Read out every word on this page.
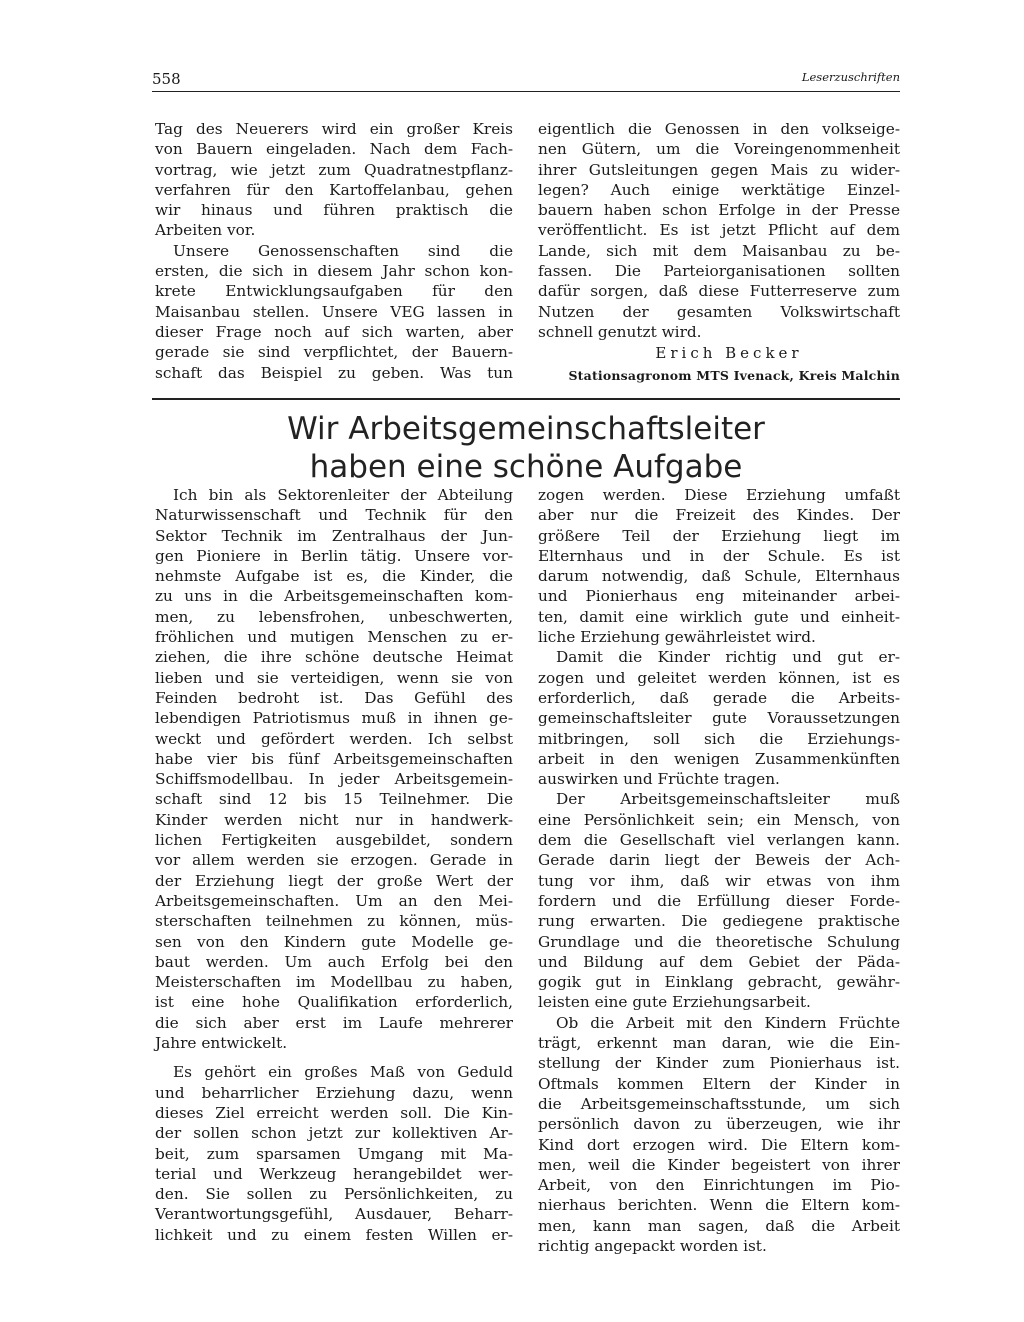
558	Leserzuschriften
Tag des Neuerers wird ein großer Kreis
von Bauern eingeladen. Nach dem Fach-
vortrag, wie jetzt zum Quadratnestpflanz-
verfahren für den Kartoffelanbau, gehen
wir hinaus und führen praktisch die
Arbeiten vor.
Unsere Genossenschaften sind die
ersten, die sich in diesem Jahr schon kon-
krete Entwicklungsaufgaben für den
Maisanbau stellen. Unsere VEG lassen in
dieser Frage noch auf sich warten, aber
gerade sie sind verpflichtet, der Bauern-
schaft das Beispiel zu geben. Was tun
eigentlich die Genossen in den volkseige-
nen Gütern, um die Voreingenommenheit
ihrer Gutsleitungen gegen Mais zu wider-
legen? Auch einige werktätige Einzel-
bauern haben schon Erfolge in der Presse
veröffentlicht. Es ist jetzt Pflicht auf dem
Lande, sich mit dem Maisanbau zu be-
fassen. Die Parteiorganisationen sollten
dafür sorgen, daß diese Futterreserve zum
Nutzen der gesamten Volkswirtschaft
schnell genutzt wird.
Erich Becker
Stationsagronom MTS Ivenack, Kreis Malchin
Wir Arbeitsgemeinschaftsleiter
haben eine schöne Aufgabe
Ich bin als Sektorenleiter der Abteilung
Naturwissenschaft und Technik für den
Sektor Technik im Zentralhaus der Jun-
gen Pioniere in Berlin tätig. Unsere vor-
nehmste Aufgabe ist es, die Kinder, die
zu uns in die Arbeitsgemeinschaften kom-
men, zu lebensfrohen, unbeschwerten,
fröhlichen und mutigen Menschen zu er-
ziehen, die ihre schöne deutsche Heimat
lieben und sie verteidigen, wenn sie von
Feinden bedroht ist. Das Gefühl des
lebendigen Patriotismus muß in ihnen ge-
weckt und gefördert werden. Ich selbst
habe vier bis fünf Arbeitsgemeinschaften
Schiffsmodellbau. In jeder Arbeitsgemein-
schaft sind 12 bis 15 Teilnehmer. Die
Kinder werden nicht nur in handwerk-
lichen Fertigkeiten ausgebildet, sondern
vor allem werden sie erzogen. Gerade in
der Erziehung liegt der große Wert der
Arbeitsgemeinschaften. Um an den Mei-
sterschaften teilnehmen zu können, müs-
sen von den Kindern gute Modelle ge-
baut werden. Um auch Erfolg bei den
Meisterschaften im Modellbau zu haben,
ist eine hohe Qualifikation erforderlich,
die sich aber erst im Laufe mehrerer
Jahre entwickelt.
Es gehört ein großes Maß von Geduld
und beharrlicher Erziehung dazu, wenn
dieses Ziel erreicht werden soll. Die Kin-
der sollen schon jetzt zur kollektiven Ar-
beit, zum sparsamen Umgang mit Ma-
terial und Werkzeug herangebildet wer-
den. Sie sollen zu Persönlichkeiten, zu
Verantwortungsgefühl, Ausdauer, Beharr-
lichkeit und zu einem festen Willen er-
zogen werden. Diese Erziehung umfaßt
aber nur die Freizeit des Kindes. Der
größere Teil der Erziehung liegt im
Elternhaus und in der Schule. Es ist
darum notwendig, daß Schule, Elternhaus
und Pionierhaus eng miteinander arbei-
ten, damit eine wirklich gute und einheit-
liche Erziehung gewährleistet wird.
Damit die Kinder richtig und gut er-
zogen und geleitet werden können, ist es
erforderlich, daß gerade die Arbeits-
gemeinschaftsleiter gute Voraussetzungen
mitbringen, soll sich die Erziehungs-
arbeit in den wenigen Zusammenkünften
auswirken und Früchte tragen.
Der Arbeitsgemeinschaftsleiter muß
eine Persönlichkeit sein; ein Mensch, von
dem die Gesellschaft viel verlangen kann.
Gerade darin liegt der Beweis der Ach-
tung vor ihm, daß wir etwas von ihm
fordern und die Erfüllung dieser Forde-
rung erwarten. Die gediegene praktische
Grundlage und die theoretische Schulung
und Bildung auf dem Gebiet der Päda-
gogik gut in Einklang gebracht, gewähr-
leisten eine gute Erziehungsarbeit.
Ob die Arbeit mit den Kindern Früchte
trägt, erkennt man daran, wie die Ein-
stellung der Kinder zum Pionierhaus ist.
Oftmals kommen Eltern der Kinder in
die Arbeitsgemeinschaftsstunde, um sich
persönlich davon zu überzeugen, wie ihr
Kind dort erzogen wird. Die Eltern kom-
men, weil die Kinder begeistert von ihrer
Arbeit, von den Einrichtungen im Pio-
nierhaus berichten. Wenn die Eltern kom-
men, kann man sagen, daß die Arbeit
richtig angepackt worden ist.
